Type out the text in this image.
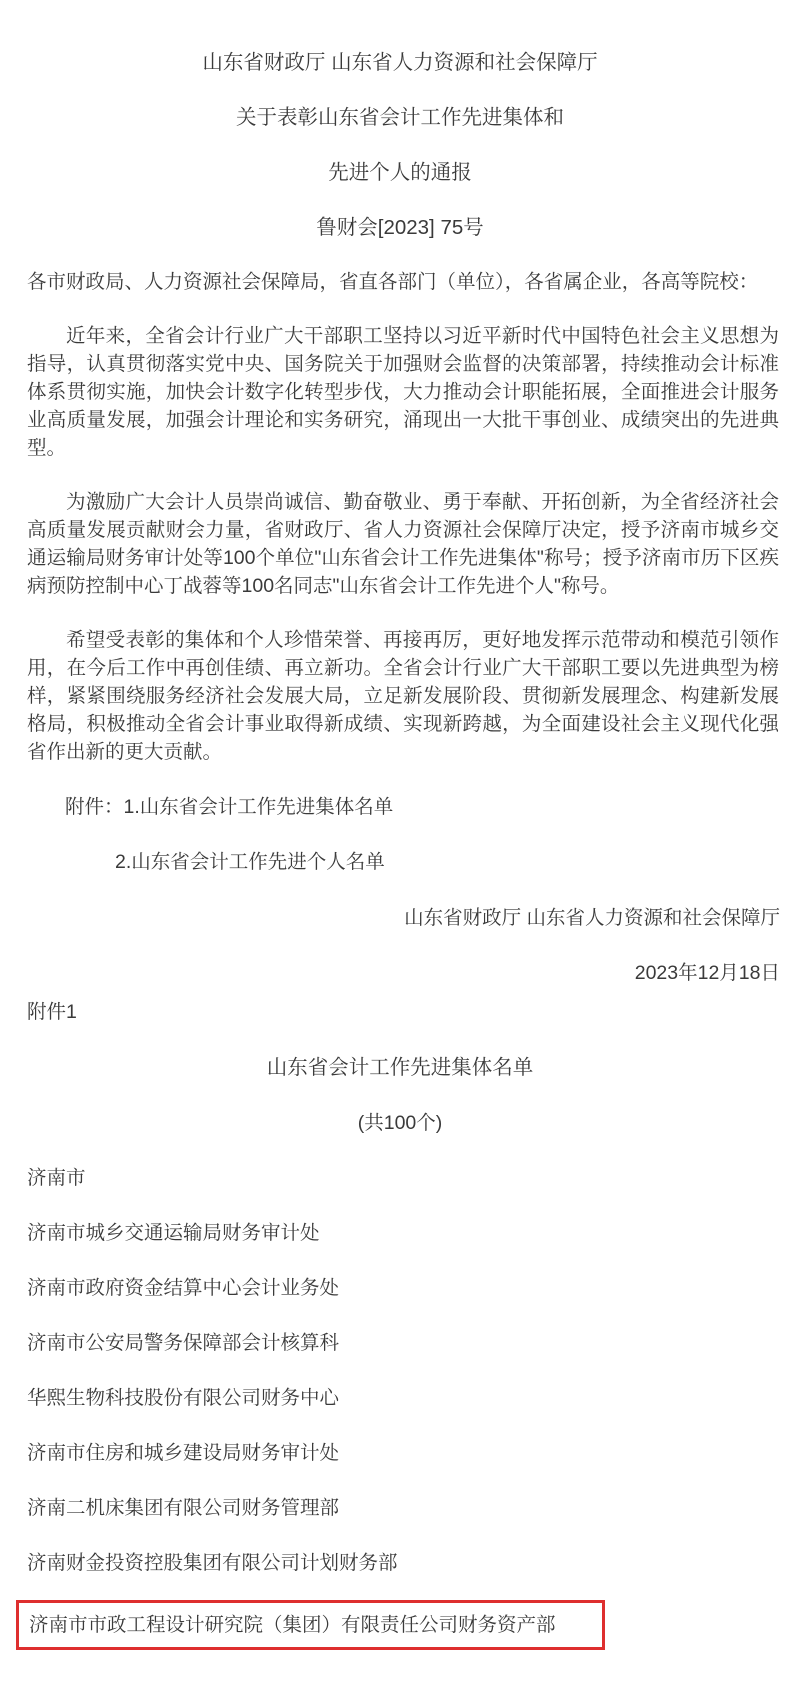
山东省财政厅 山东省人力资源和社会保障厅
关于表彰山东省会计工作先进集体和
先进个人的通报
鲁财会[2023] 75号
各市财政局、人力资源社会保障局，省直各部门（单位），各省属企业，各高等院校：
近年来，全省会计行业广大干部职工坚持以习近平新时代中国特色社会主义思想为指导，认真贯彻落实党中央、国务院关于加强财会监督的决策部署，持续推动会计标准体系贯彻实施，加快会计数字化转型步伐，大力推动会计职能拓展，全面推进会计服务业高质量发展，加强会计理论和实务研究，涌现出一大批干事创业、成绩突出的先进典型。
为激励广大会计人员崇尚诚信、勤奋敬业、勇于奉献、开拓创新，为全省经济社会高质量发展贡献财会力量，省财政厅、省人力资源社会保障厅决定，授予济南市城乡交通运输局财务审计处等100个单位"山东省会计工作先进集体"称号；授予济南市历下区疾病预防控制中心丁战蓉等100名同志"山东省会计工作先进个人"称号。
希望受表彰的集体和个人珍惜荣誉、再接再厉，更好地发挥示范带动和模范引领作用，在今后工作中再创佳绩、再立新功。全省会计行业广大干部职工要以先进典型为榜样，紧紧围绕服务经济社会发展大局，立足新发展阶段、贯彻新发展理念、构建新发展格局，积极推动全省会计事业取得新成绩、实现新跨越，为全面建设社会主义现代化强省作出新的更大贡献。
附件：1.山东省会计工作先进集体名单
2.山东省会计工作先进个人名单
山东省财政厅 山东省人力资源和社会保障厅
2023年12月18日
附件1
山东省会计工作先进集体名单
(共100个)
济南市
济南市城乡交通运输局财务审计处
济南市政府资金结算中心会计业务处
济南市公安局警务保障部会计核算科
华熙生物科技股份有限公司财务中心
济南市住房和城乡建设局财务审计处
济南二机床集团有限公司财务管理部
济南财金投资控股集团有限公司计划财务部
济南市市政工程设计研究院（集团）有限责任公司财务资产部
